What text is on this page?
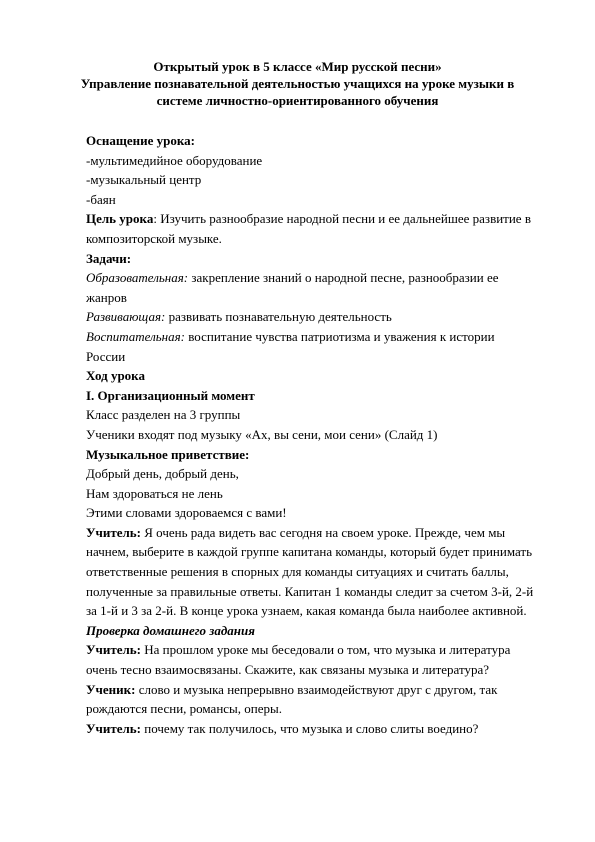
Открытый урок в 5 классе «Мир русской песни»
Управление познавательной деятельностью учащихся на уроке музыки в
системе личностно-ориентированного обучения

Оснащение урока:

-мультимедийное оборудование

-музыкальный центр

-баян

Цель урока: Изучить разнообразие народной песни и ее дальнейшее развитие в композиторской музыке.

Задачи:

Образовательная: закрепление знаний о народной песне, разнообразии ее жанров

Развивающая: развивать познавательную деятельность

Воспитательная: воспитание чувства патриотизма и уважения к истории России

Ход урока

I. Организационный момент

Класс разделен на 3 группы

Ученики входят под музыку «Ах, вы сени, мои сени» (Слайд 1)

Музыкальное приветствие:

Добрый день, добрый день,

Нам здороваться не лень

Этими словами здороваемся с вами!

Учитель: Я очень рада видеть вас сегодня на своем уроке. Прежде, чем мы начнем, выберите в каждой группе капитана команды, который будет принимать ответственные решения в спорных для команды ситуациях и считать баллы, полученные за правильные ответы. Капитан 1 команды следит за счетом 3-й, 2-й за 1-й и 3 за 2-й. В конце урока узнаем, какая команда была наиболее активной.

Проверка домашнего задания

Учитель: На прошлом уроке мы беседовали о том, что музыка и литература очень тесно взаимосвязаны. Скажите, как связаны музыка и литература?

Ученик: слово и музыка непрерывно взаимодействуют друг с другом, так рождаются песни, романсы, оперы.

Учитель: почему так получилось, что музыка и слово слиты воедино?
